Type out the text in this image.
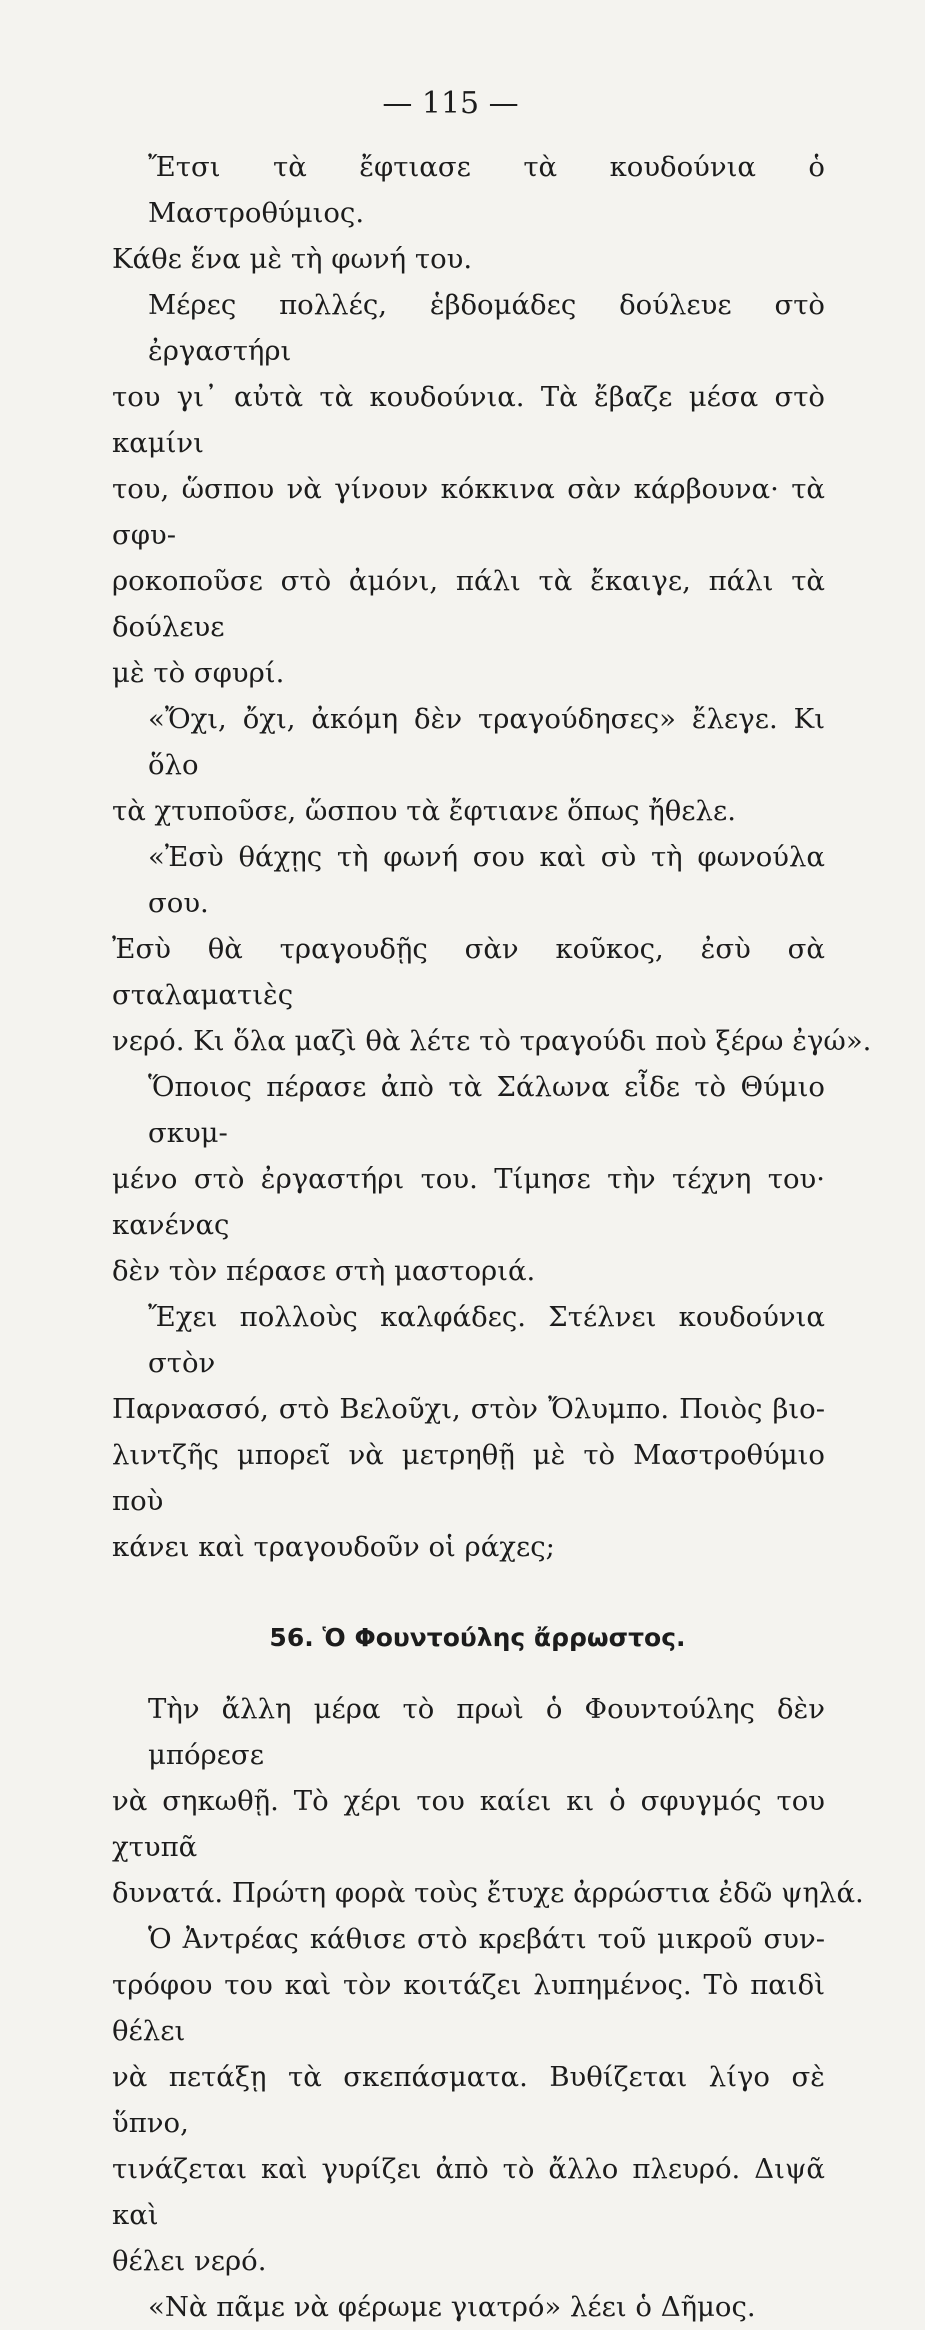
— 115 —

Ἔτσι τὰ ἔφτιασε τὰ κουδούνια ὁ Μαστροθύμιος.
Κάθε ἕνα μὲ τὴ φωνή του.

Μέρες πολλές, ἑβδομάδες δούλευε στὸ ἐργαστήρι
του γι᾽ αὐτὰ τὰ κουδούνια. Τὰ ἔβαζε μέσα στὸ καμίνι
του, ὥσπου νὰ γίνουν κόκκινα σὰν κάρβουνα· τὰ σφυ-
ροκοποῦσε στὸ ἀμόνι, πάλι τὰ ἔκαιγε, πάλι τὰ δούλευε
μὲ τὸ σφυρί.

«Ὄχι, ὄχι, ἀκόμη δὲν τραγούδησες» ἔλεγε. Κι ὅλο
τὰ χτυποῦσε, ὥσπου τὰ ἔφτιανε ὅπως ἤθελε.

«Ἐσὺ θάχῃς τὴ φωνή σου καὶ σὺ τὴ φωνούλα σου.
Ἐσὺ θὰ τραγουδῇς σὰν κοῦκος, ἐσὺ σὰ σταλαματιὲς
νερό. Κι ὅλα μαζὶ θὰ λέτε τὸ τραγούδι ποὺ ξέρω ἐγώ».

Ὅποιος πέρασε ἀπὸ τὰ Σάλωνα εἶδε τὸ Θύμιο σκυμ-
μένο στὸ ἐργαστήρι του. Τίμησε τὴν τέχνη του· κανένας
δὲν τὸν πέρασε στὴ μαστοριά.

Ἔχει πολλοὺς καλφάδες. Στέλνει κουδούνια στὸν
Παρνασσό, στὸ Βελοῦχι, στὸν Ὄλυμπο. Ποιὸς βιο-
λιντζῆς μπορεῖ νὰ μετρηθῇ μὲ τὸ Μαστροθύμιο ποὺ
κάνει καὶ τραγουδοῦν οἱ ράχες;

56. Ὁ Φουντούλης ἄρρωστος.

Τὴν ἄλλη μέρα τὸ πρωὶ ὁ Φουντούλης δὲν μπόρεσε
νὰ σηκωθῇ. Τὸ χέρι του καίει κι ὁ σφυγμός του χτυπᾶ
δυνατά. Πρώτη φορὰ τοὺς ἔτυχε ἀρρώστια ἐδῶ ψηλά.

Ὁ Ἀντρέας κάθισε στὸ κρεβάτι τοῦ μικροῦ συν-
τρόφου του καὶ τὸν κοιτάζει λυπημένος. Τὸ παιδὶ θέλει
νὰ πετάξῃ τὰ σκεπάσματα. Βυθίζεται λίγο σὲ ὕπνο,
τινάζεται καὶ γυρίζει ἀπὸ τὸ ἄλλο πλευρό. Διψᾶ καὶ
θέλει νερό.

«Νὰ πᾶμε νὰ φέρωμε γιατρό» λέει ὁ Δῆμος.
